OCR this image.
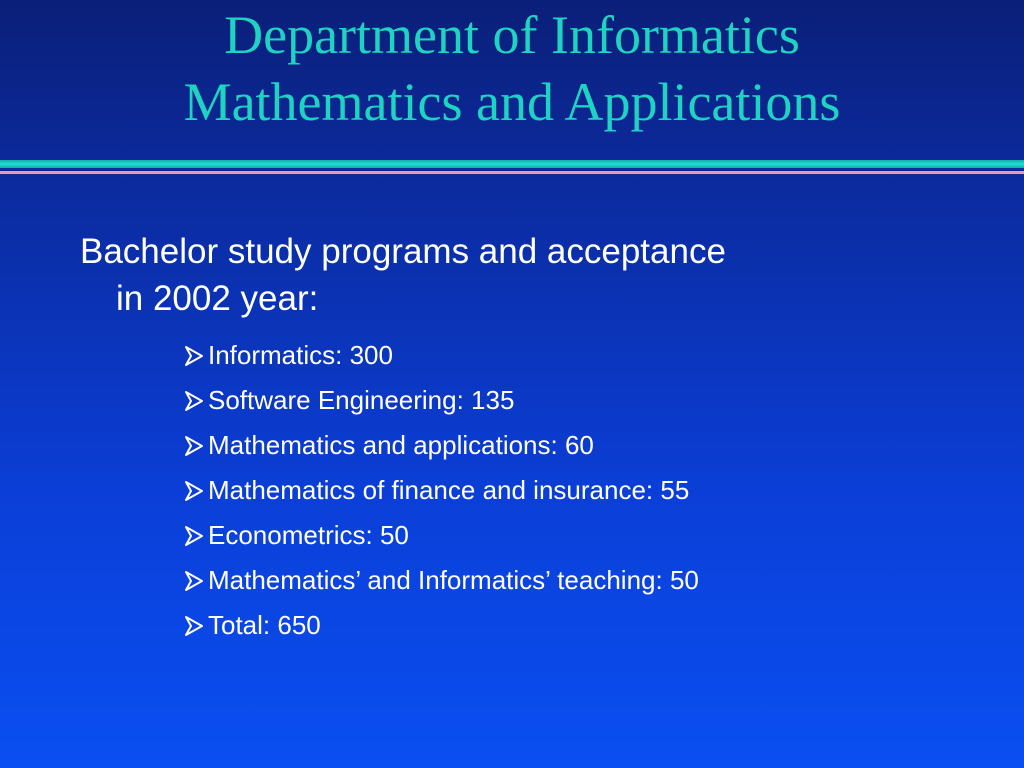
Department of Informatics
Mathematics and Applications

Bachelor study programs and acceptance
in 2002 year:

Informatics: 300
Software Engineering: 135
Mathematics and applications: 60
Mathematics of finance and insurance: 55
Econometrics: 50
Mathematics’ and Informatics’ teaching: 50
Total: 650
